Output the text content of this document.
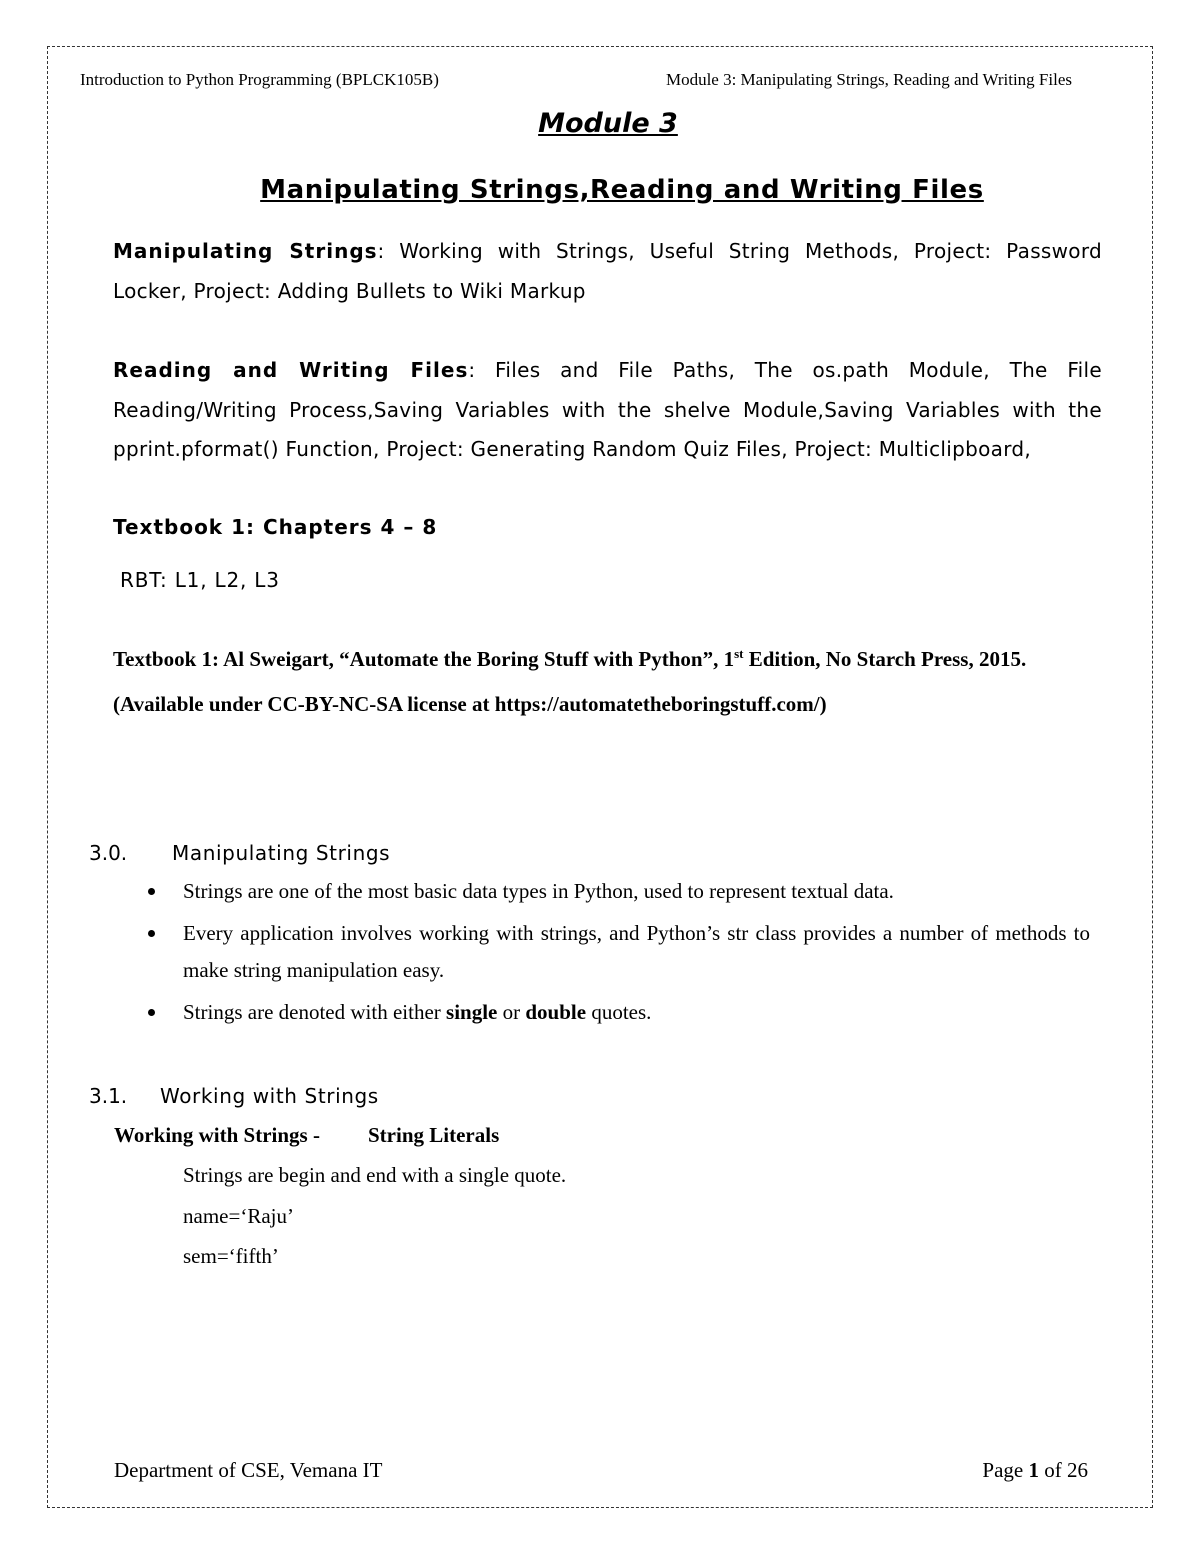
Introduction to Python Programming (BPLCK105B)	Module 3: Manipulating Strings, Reading and Writing Files
Module 3
Manipulating Strings,Reading and Writing Files
Manipulating Strings: Working with Strings, Useful String Methods, Project: Password Locker, Project: Adding Bullets to Wiki Markup
Reading and Writing Files: Files and File Paths, The os.path Module, The File Reading/Writing Process,Saving Variables with the shelve Module,Saving Variables with the pprint.pformat() Function, Project: Generating Random Quiz Files, Project: Multiclipboard,
Textbook 1: Chapters 4 – 8
RBT: L1, L2, L3
Textbook 1: Al Sweigart, “Automate the Boring Stuff with Python”, 1st Edition, No Starch Press, 2015. (Available under CC-BY-NC-SA license at https://automatetheboringstuff.com/)
3.0. Manipulating Strings
Strings are one of the most basic data types in Python, used to represent textual data.
Every application involves working with strings, and Python’s str class provides a number of methods to make string manipulation easy.
Strings are denoted with either single or double quotes.
3.1. Working with Strings
Working with Strings - String Literals
Strings are begin and end with a single quote.
name=‘Raju’
sem=‘fifth’
Department of CSE, Vemana IT	Page 1 of 26
